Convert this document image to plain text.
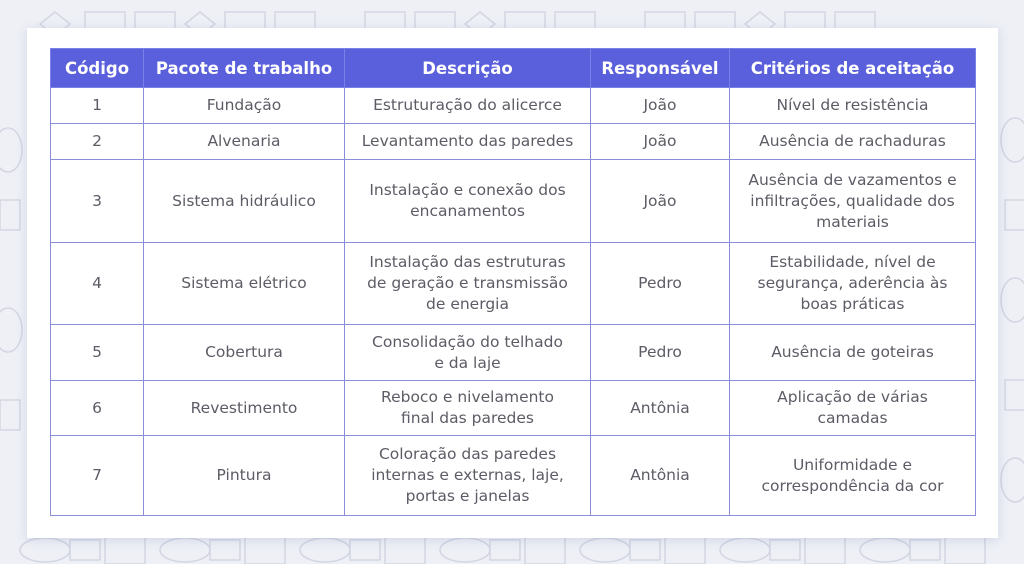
Código	Pacote de trabalho	Descrição	Responsável	Critérios de aceitação
1	Fundação	Estruturação do alicerce	João	Nível de resistência

2	Alvenaria	Levantamento das paredes	João	Ausência de rachaduras

3	Sistema hidráulico	Instalação e conexão dos
encanamentos	João	Ausência de vazamentos e
infiltrações, qualidade dos
materiais

4	Sistema elétrico	Instalação das estruturas
de geração e transmissão
de energia	Pedro	Estabilidade, nível de
segurança, aderência às
boas práticas

5	Cobertura	Consolidação do telhado
e da laje	Pedro	Ausência de goteiras

6	Revestimento	Reboco e nivelamento
final das paredes	Antônia	Aplicação de várias
camadas

7	Pintura	Coloração das paredes
internas e externas, laje,
portas e janelas	Antônia	Uniformidade e
correspondência da cor
